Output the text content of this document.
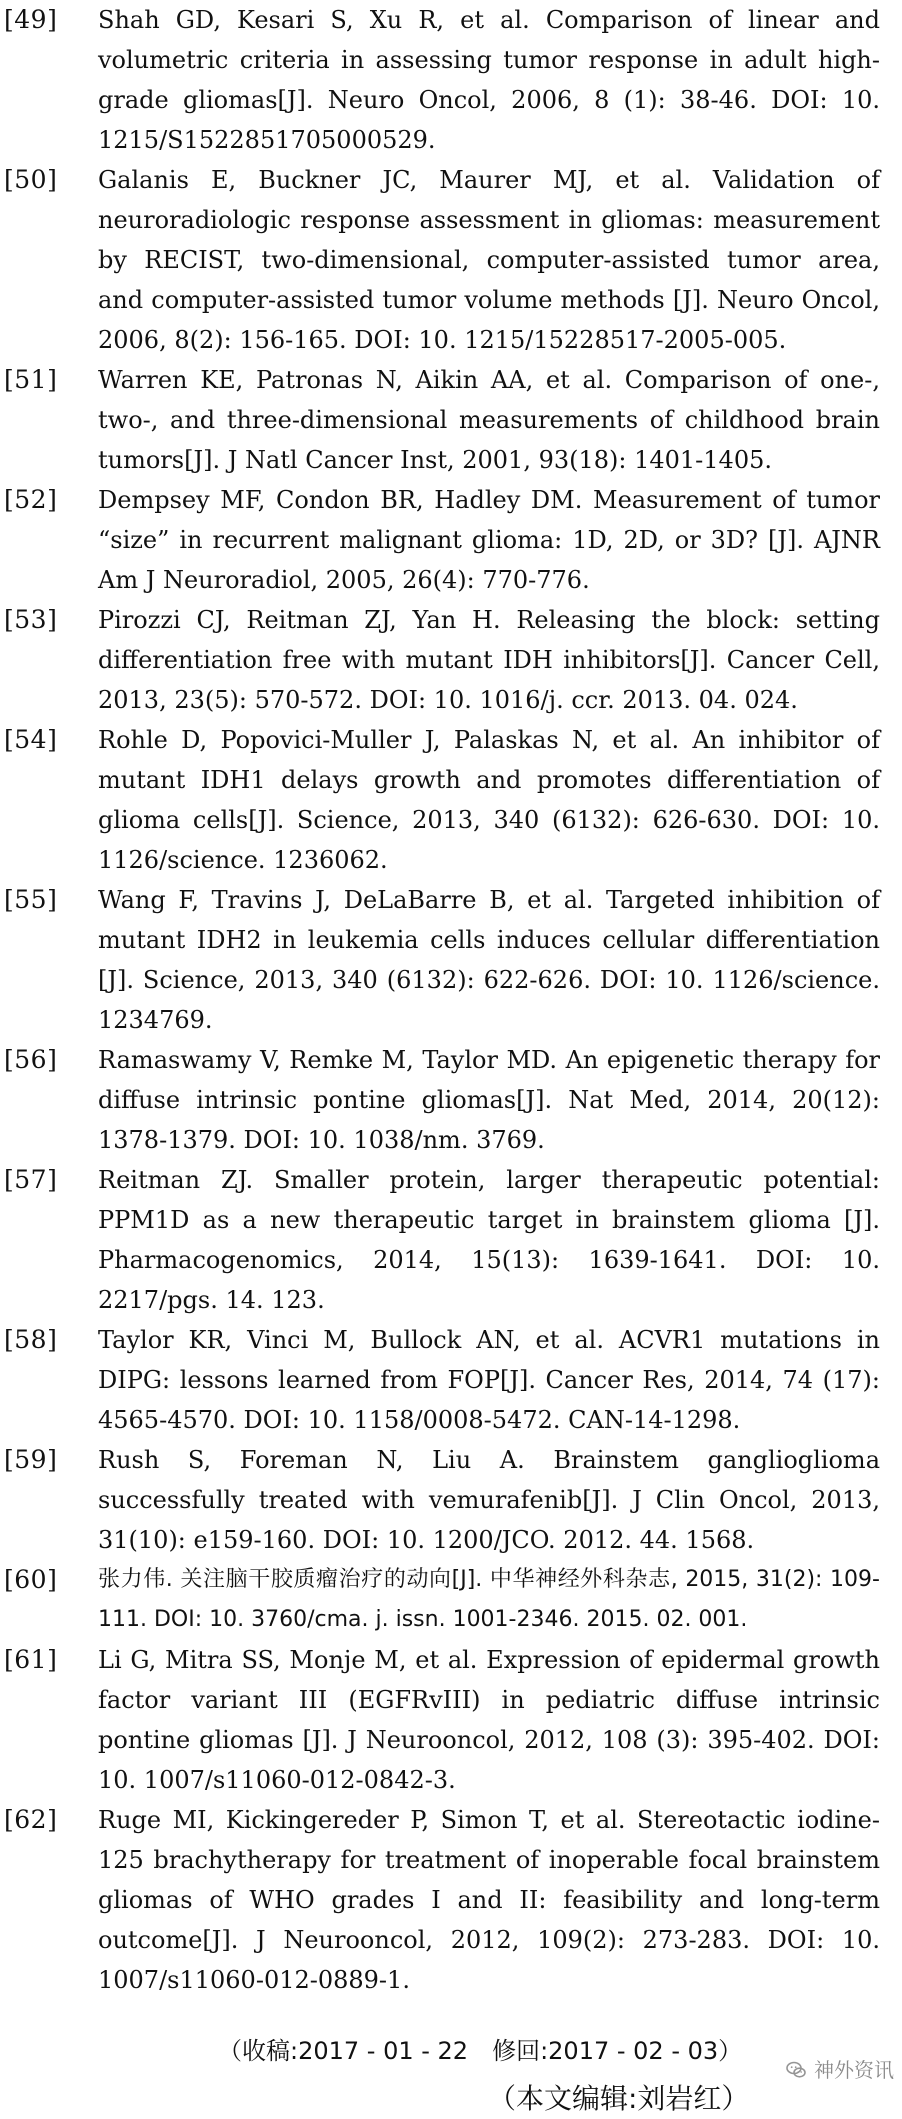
[49]	Shah GD, Kesari S, Xu R, et al. Comparison of linear and volumetric criteria in assessing tumor response in adult high-grade gliomas[J]. Neuro Oncol, 2006, 8 (1): 38-46. DOI: 10. 1215/S1522851705000529.
[50]	Galanis E, Buckner JC, Maurer MJ, et al. Validation of neuroradiologic response assessment in gliomas: measurement by RECIST, two-dimensional, computer-assisted tumor area, and computer-assisted tumor volume methods [J]. Neuro Oncol, 2006, 8(2): 156-165. DOI: 10. 1215/15228517-2005-005.
[51]	Warren KE, Patronas N, Aikin AA, et al. Comparison of one-, two-, and three-dimensional measurements of childhood brain tumors[J]. J Natl Cancer Inst, 2001, 93(18): 1401-1405.
[52]	Dempsey MF, Condon BR, Hadley DM. Measurement of tumor “size” in recurrent malignant glioma: 1D, 2D, or 3D? [J]. AJNR Am J Neuroradiol, 2005, 26(4): 770-776.
[53]	Pirozzi CJ, Reitman ZJ, Yan H. Releasing the block: setting differentiation free with mutant IDH inhibitors[J]. Cancer Cell, 2013, 23(5): 570-572. DOI: 10. 1016/j. ccr. 2013. 04. 024.
[54]	Rohle D, Popovici-Muller J, Palaskas N, et al. An inhibitor of mutant IDH1 delays growth and promotes differentiation of glioma cells[J]. Science, 2013, 340 (6132): 626-630. DOI: 10. 1126/science. 1236062.
[55]	Wang F, Travins J, DeLaBarre B, et al. Targeted inhibition of mutant IDH2 in leukemia cells induces cellular differentiation [J]. Science, 2013, 340 (6132): 622-626. DOI: 10. 1126/science. 1234769.
[56]	Ramaswamy V, Remke M, Taylor MD. An epigenetic therapy for diffuse intrinsic pontine gliomas[J]. Nat Med, 2014, 20(12): 1378-1379. DOI: 10. 1038/nm. 3769.
[57]	Reitman ZJ. Smaller protein, larger therapeutic potential: PPM1D as a new therapeutic target in brainstem glioma [J]. Pharmacogenomics, 2014, 15(13): 1639-1641. DOI: 10. 2217/pgs. 14. 123.
[58]	Taylor KR, Vinci M, Bullock AN, et al. ACVR1 mutations in DIPG: lessons learned from FOP[J]. Cancer Res, 2014, 74 (17): 4565-4570. DOI: 10. 1158/0008-5472. CAN-14-1298.
[59]	Rush S, Foreman N, Liu A. Brainstem ganglioglioma successfully treated with vemurafenib[J]. J Clin Oncol, 2013, 31(10): e159-160. DOI: 10. 1200/JCO. 2012. 44. 1568.
[60]	张力伟. 关注脑干胶质瘤治疗的动向[J]. 中华神经外科杂志, 2015, 31(2): 109-111. DOI: 10. 3760/cma. j. issn. 1001-2346. 2015. 02. 001.
[61]	Li G, Mitra SS, Monje M, et al. Expression of epidermal growth factor variant III (EGFRvIII) in pediatric diffuse intrinsic pontine gliomas [J]. J Neurooncol, 2012, 108 (3): 395-402. DOI: 10. 1007/s11060-012-0842-3.
[62]	Ruge MI, Kickingereder P, Simon T, et al. Stereotactic iodine-125 brachytherapy for treatment of inoperable focal brainstem gliomas of WHO grades I and II: feasibility and long-term outcome[J]. J Neurooncol, 2012, 109(2): 273-283. DOI: 10. 1007/s11060-012-0889-1.
（收稿:2017 - 01 - 22　修回:2017 - 02 - 03）
（本文编辑:刘岩红）
神外资讯
